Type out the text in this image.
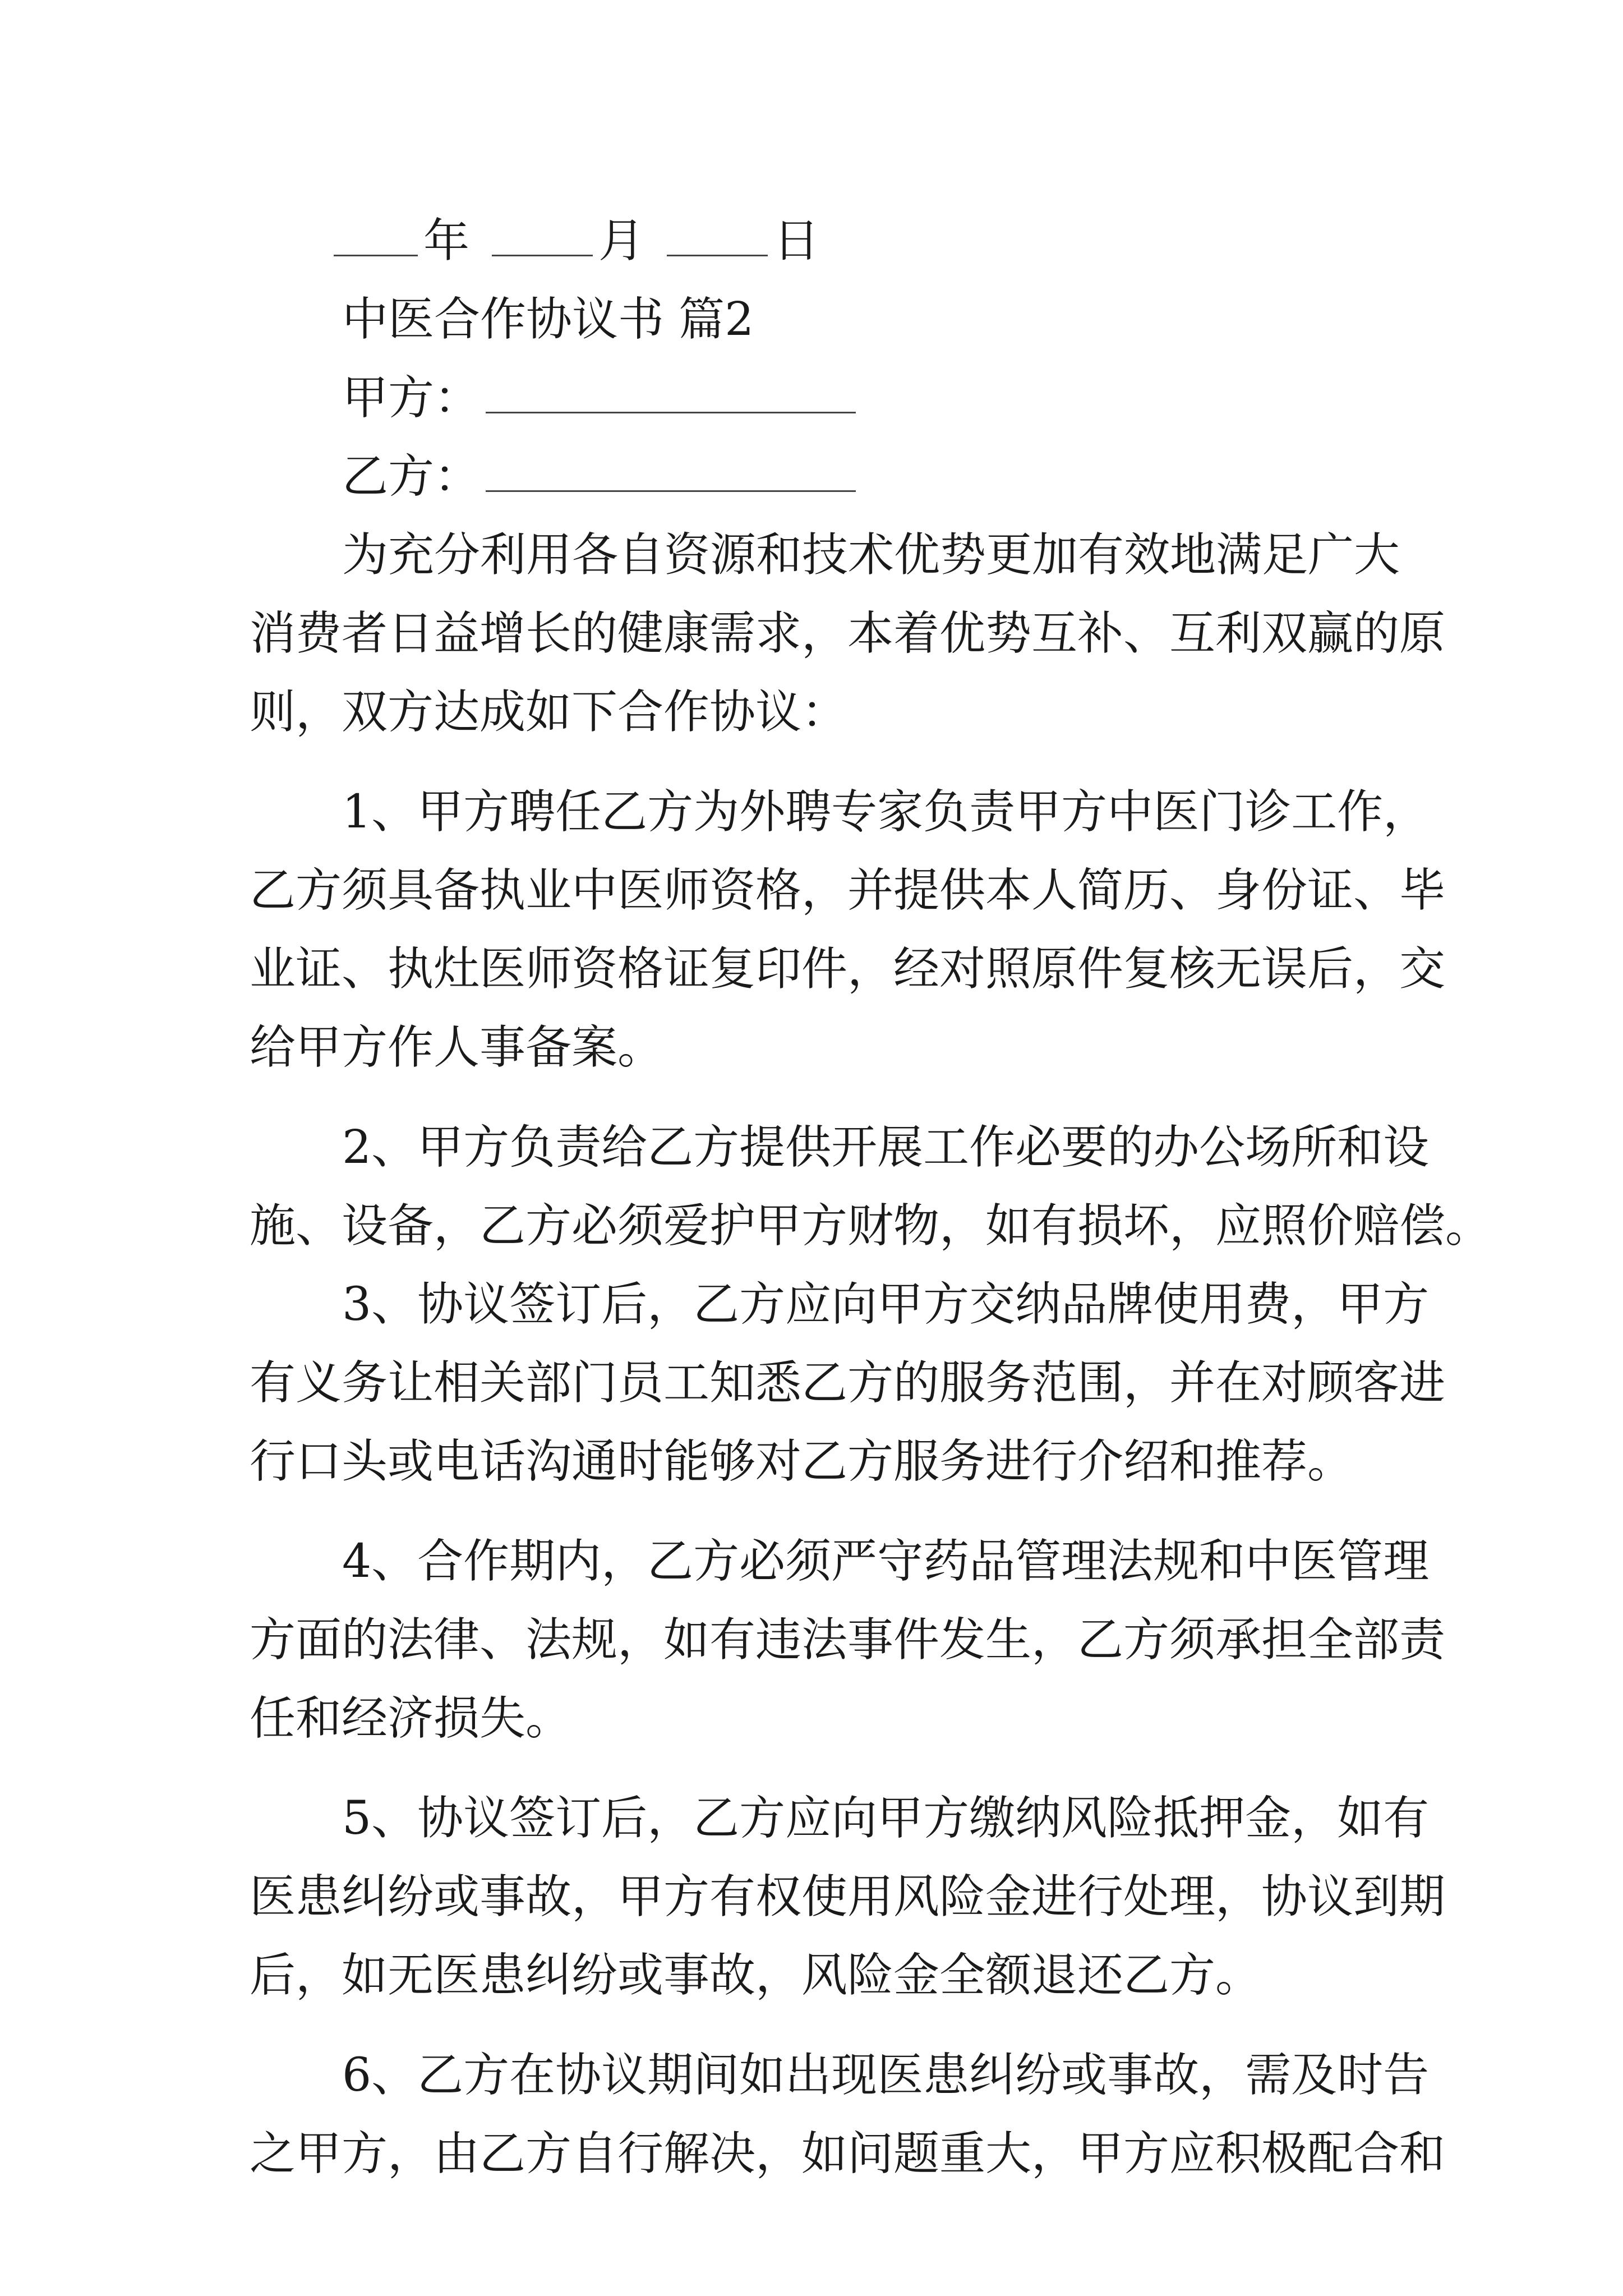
年	月	日
中医合作协议书 篇2
甲方：
乙方：
为充分利用各自资源和技术优势更加有效地满足广大
消费者日益增长的健康需求，本着优势互补、互利双赢的原
则，双方达成如下合作协议：
1、甲方聘任乙方为外聘专家负责甲方中医门诊工作，
乙方须具备执业中医师资格，并提供本人简历、身份证、毕
业证、执灶医师资格证复印件，经对照原件复核无误后，交
给甲方作人事备案。
2、甲方负责给乙方提供开展工作必要的办公场所和设
施、设备，乙方必须爱护甲方财物，如有损坏，应照价赔偿。
3、协议签订后，乙方应向甲方交纳品牌使用费，甲方
有义务让相关部门员工知悉乙方的服务范围，并在对顾客进
行口头或电话沟通时能够对乙方服务进行介绍和推荐。
4、合作期内，乙方必须严守药品管理法规和中医管理
方面的法律、法规，如有违法事件发生，乙方须承担全部责
任和经济损失。
5、协议签订后，乙方应向甲方缴纳风险抵押金，如有
医患纠纷或事故，甲方有权使用风险金进行处理，协议到期
后，如无医患纠纷或事故，风险金全额退还乙方。
6、乙方在协议期间如出现医患纠纷或事故，需及时告
之甲方，由乙方自行解决，如问题重大，甲方应积极配合和
